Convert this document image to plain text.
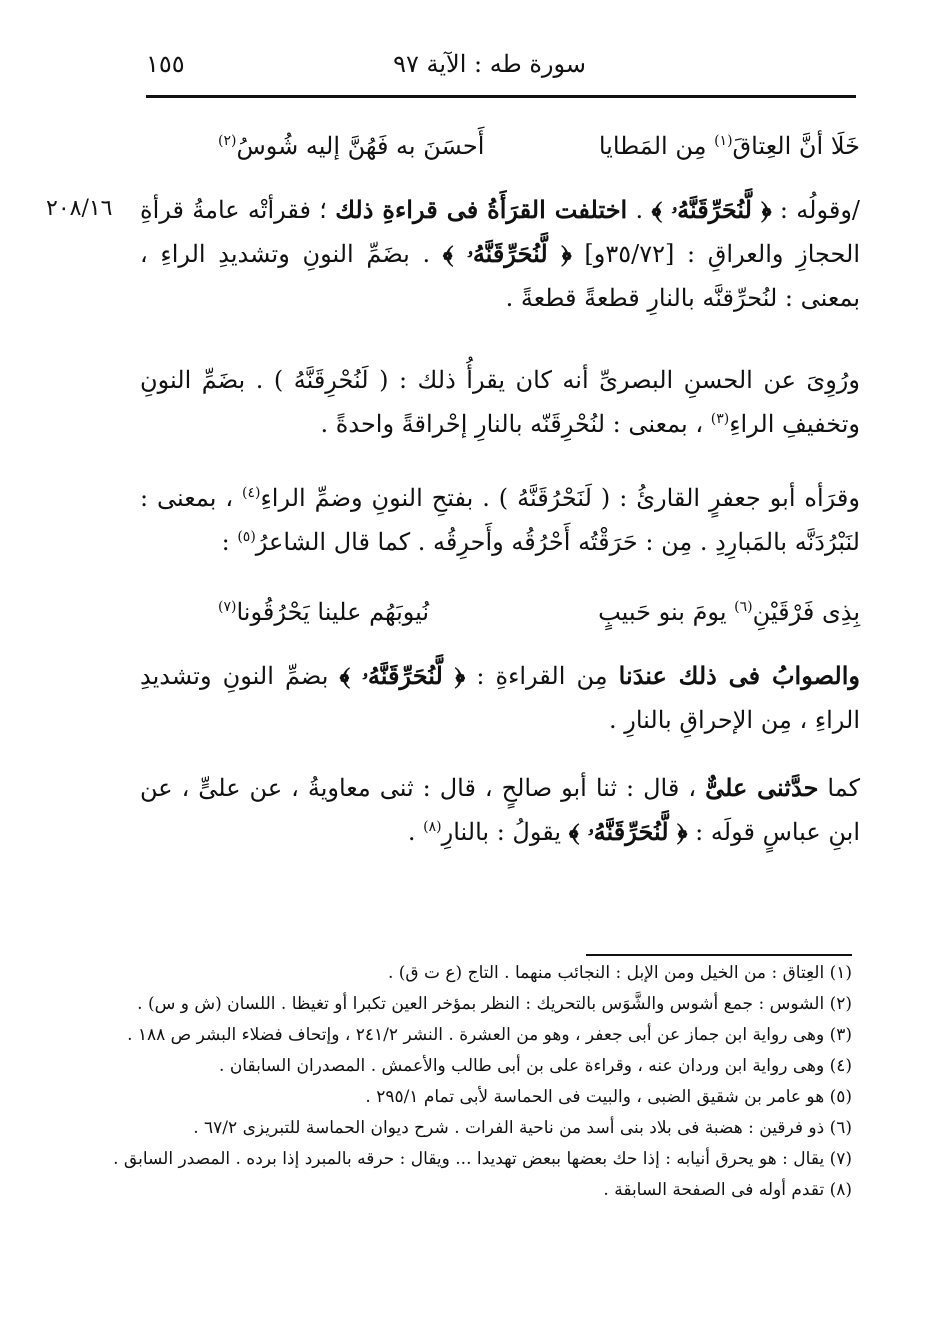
١٥٥	سورة طه : الآية ٩٧
خَلَا أنَّ العِتاقَ$^{(١)}$ مِن المَطايا
أَحسَنَ به فَهُنَّ إليه شُوسُ$^{(٢)}$
٢٠٨/١٦	/وقولُه : ﴿ لَّنُحَرِّقَنَّهُۥ ﴾ . اختلفت القرَأَةُ فى قراءةِ ذلك ؛ فقرأتْه عامةُ قرأةِ الحجازِ والعراقِ : [٣٥/٧٢و] ﴿ لَّنُحَرِّقَنَّهُۥ ﴾ . بضَمِّ النونِ وتشديدِ الراءِ ، بمعنى : لنُحرِّقنَّه بالنارِ قطعةً قطعةً .
ورُوِىَ عن الحسنِ البصرىِّ أنه كان يقرأُ ذلك : ( لَنُحْرِقَنَّهُ ) . بضَمِّ النونِ وتخفيفِ الراءِ$^{(٣)}$ ، بمعنى : لنُحْرِقَنّه بالنارِ إحْراقةً واحدةً .
وقرَأه أبو جعفرٍ القارئُ : ( لَنَحْرُقَنَّهُ ) . بفتحِ النونِ وضمِّ الراءِ$^{(٤)}$ ، بمعنى : لنَبْرُدَنَّه بالمَبارِدِ . مِن : حَرَقْتُه أَحْرُقُه وأَحرِقُه . كما قال الشاعرُ$^{(٥)}$ :
بِذِى فَرْقَيْنِ$^{(٦)}$ يومَ بنو حَبيبٍ
نُيوبَهُم علينا يَحْرُقُونا$^{(٧)}$
والصوابُ فى ذلك عندَنا مِن القراءةِ : ﴿ لَّنُحَرِّقَنَّهُۥ ﴾ بضمِّ النونِ وتشديدِ الراءِ ، مِن الإحراقِ بالنارِ .
كما حدَّثنى علىٌّ ، قال : ثنا أبو صالحٍ ، قال : ثنى معاويةُ ، عن علىٍّ ، عن ابنِ عباسٍ قولَه : ﴿ لَّنُحَرِّقَنَّهُۥ ﴾ يقولُ : بالنارِ$^{(٨)}$ .
(١) العِتاق : من الخيل ومن الإبل : النجائب منهما . التاج (ع ت ق) .
(٢) الشوس : جمع أشوس والشَّوَس بالتحريك : النظر بمؤخر العين تكبرا أو تغيظا . اللسان (ش و س) .
(٣) وهى رواية ابن جماز عن أبى جعفر ، وهو من العشرة . النشر ٢٤١/٢ ، وإتحاف فضلاء البشر ص ١٨٨ .
(٤) وهى رواية ابن وردان عنه ، وقراءة على بن أبى طالب والأعمش . المصدران السابقان .
(٥) هو عامر بن شقيق الضبى ، والبيت فى الحماسة لأبى تمام ٢٩٥/١ .
(٦) ذو فرقين : هضبة فى بلاد بنى أسد من ناحية الفرات . شرح ديوان الحماسة للتبريزى ٦٧/٢ .
(٧) يقال : هو يحرق أنيابه : إذا حك بعضها ببعض تهديدا ... ويقال : حرقه بالمبرد إذا برده . المصدر السابق .
(٨) تقدم أوله فى الصفحة السابقة .
